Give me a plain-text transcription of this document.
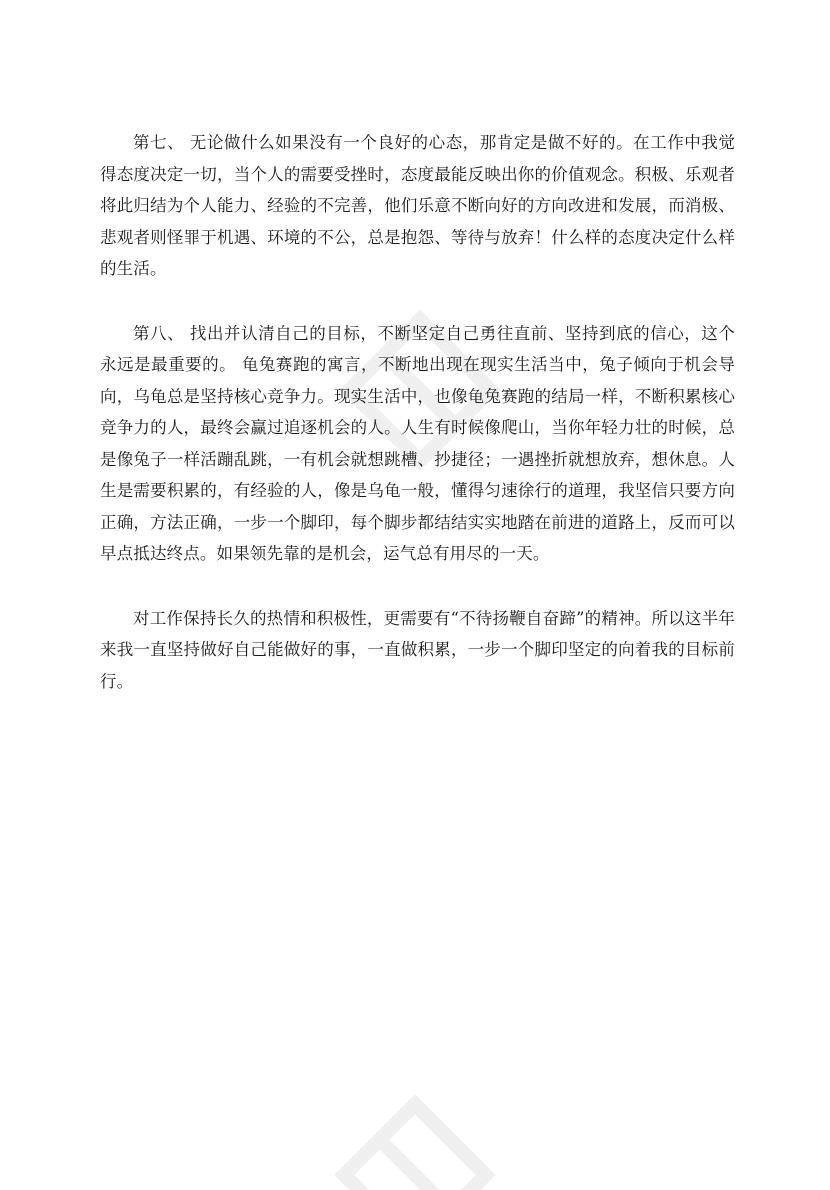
第七、 无论做什么如果没有一个良好的心态，那肯定是做不好的。在工作中我觉得态度决定一切，当个人的需要受挫时，态度最能反映出你的价值观念。积极、乐观者将此归结为个人能力、经验的不完善，他们乐意不断向好的方向改进和发展，而消极、悲观者则怪罪于机遇、环境的不公，总是抱怨、等待与放弃！什么样的态度决定什么样的生活。

第八、 找出并认清自己的目标，不断坚定自己勇往直前、坚持到底的信心，这个永远是最重要的。 龟兔赛跑的寓言，不断地出现在现实生活当中，兔子倾向于机会导向，乌龟总是坚持核心竞争力。现实生活中，也像龟兔赛跑的结局一样，不断积累核心竞争力的人，最终会赢过追逐机会的人。人生有时候像爬山，当你年轻力壮的时候，总是像兔子一样活蹦乱跳，一有机会就想跳槽、抄捷径；一遇挫折就想放弃，想休息。人生是需要积累的，有经验的人，像是乌龟一般，懂得匀速徐行的道理，我坚信只要方向正确，方法正确，一步一个脚印，每个脚步都结结实实地踏在前进的道路上，反而可以早点抵达终点。如果领先靠的是机会，运气总有用尽的一天。

对工作保持长久的热情和积极性，更需要有“不待扬鞭自奋蹄”的精神。所以这半年来我一直坚持做好自己能做好的事，一直做积累，一步一个脚印坚定的向着我的目标前行。
